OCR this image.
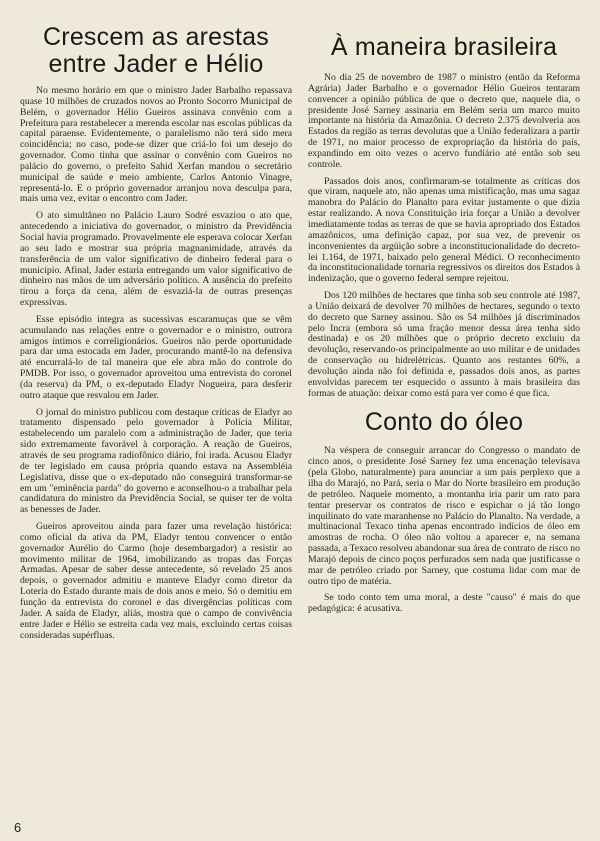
Crescem as arestas
entre Jader e Hélio

No mesmo horário em que o ministro Jader Barbalho repassava quase 10 milhões de cruzados novos ao Pronto Socorro Municipal de Belém, o governador Hélio Gueiros assinava convênio com a Prefeitura para restabelecer a merenda escolar nas escolas públicas da capital paraense. Evidentemente, o paralelismo não terá sido mera coincidência; no caso, pode-se dizer que criá-lo foi um desejo do governador. Como tinha que assinar o convênio com Gueiros no palácio do governo, o prefeito Sahid Xerfan mandou o secretário municipal de saúde e meio ambiente, Carlos Antonio Vinagre, representá-lo. E o próprio governador arranjou nova desculpa para, mais uma vez, evitar o encontro com Jader.

O ato simultâneo no Palácio Lauro Sodré esvaziou o ato que, antecedendo a iniciativa do governador, o ministro da Previdência Social havia programado. Provavelmente ele esperava colocar Xerfan ao seu lado e mostrar sua própria magnanimidade, através da transferência de um valor significativo de dinheiro federal para o município. Afinal, Jader estaria entregando um valor significativo de dinheiro nas mãos de um adversário político. A ausência do prefeito tirou a força da cena, além de esvaziá-la de outras presenças expressivas.

Esse episódio integra as sucessivas escaramuças que se vêm acumulando nas relações entre o governador e o ministro, outrora amigos íntimos e correligionários. Gueiros não perde oportunidade para dar uma estocada em Jader, procurando mantê-lo na defensiva até encurralá-lo de tal maneira que ele abra mão do controle do PMDB. Por isso, o governador aproveitou uma entrevista do coronel (da reserva) da PM, o ex-deputado Eladyr Nogueira, para desferir outro ataque que resvalou em Jader.

O jornal do ministro publicou com destaque críticas de Eladyr ao tratamento dispensado pelo governador à Polícia Militar, estabelecendo um paralelo com a administração de Jader, que teria sido extremamente favorável à corporação. A reação de Gueiros, através de seu programa radiofônico diário, foi irada. Acusou Eladyr de ter legislado em causa própria quando estava na Assembléia Legislativa, disse que o ex-deputado não conseguirá transformar-se em um "eminência parda" do governo e aconselhou-o a trabalhar pela candidatura do ministro da Previdência Social, se quiser ter de volta as benesses de Jader.

Gueiros aproveitou ainda para fazer uma revelação histórica: como oficial da ativa da PM, Eladyr tentou convencer o então governador Aurélio do Carmo (hoje desembargador) a resistir ao movimento militar de 1964, imobilizando as tropas das Forças Armadas. Apesar de saber desse antecedente, só revelado 25 anos depois, o governador admitiu e manteve Eladyr como diretor da Loteria do Estado durante mais de dois anos e meio. Só o demitiu em função da entrevista do coronel e das divergências políticas com Jader. A saída de Eladyr, aliás, mostra que o campo de convivência entre Jader e Hélio se estreita cada vez mais, excluindo certas coisas consideradas supérfluas.

À maneira brasileira

No dia 25 de novembro de 1987 o ministro (então da Reforma Agrária) Jader Barbalho e o governador Hélio Gueiros tentaram convencer a opinião pública de que o decreto que, naquele dia, o presidente José Sarney assinaria em Belém seria um marco muito importante na história da Amazônia. O decreto 2.375 devolveria aos Estados da região as terras devolutas que a União federalizara a partir de 1971, no maior processo de expropriação da história do país, expandindo em oito vezes o acervo fundiário até então sob seu controle.

Passados dois anos, confirmaram-se totalmente as críticas dos que viram, naquele ato, não apenas uma mistificação, mas uma sagaz manobra do Palácio do Planalto para evitar justamente o que dizia estar realizando. A nova Constituição iria forçar a União a devolver imediatamente todas as terras de que se havia apropriado dos Estados amazônicos, uma definição capaz, por sua vez, de prevenir os inconvenientes da argüição sobre a inconstitucionalidade do decreto-lei 1.164, de 1971, baixado pelo general Médici. O reconhecimento da inconstitucionalidade tornaria regressivos os direitos dos Estados à indenização, que o governo federal sempre rejeitou.

Dos 120 milhões de hectares que tinha sob seu controle até 1987, a União deixará de devolver 70 milhões de hectares, segundo o texto do decreto que Sarney assinou. São os 54 milhões já discriminados pelo Incra (embora só uma fração menor dessa área tenha sido destinada) e os 20 milhões que o próprio decreto excluiu da devolução, reservando-os principalmente ao uso militar e de unidades de conservação ou hidrelétricas. Quanto aos restantes 60%, a devolução ainda não foi definida e, passados dois anos, as partes envolvidas parecem ter esquecido o assunto à mais brasileira das formas de atuação: deixar como está para ver como é que fica.

Conto do óleo

Na véspera de conseguir arrancar do Congresso o mandato de cinco anos, o presidente José Sarney fez uma encenação televisava (pela Globo, naturalmente) para anunciar a um país perplexo que a ilha do Marajó, no Pará, seria o Mar do Norte brasileiro em produção de petróleo. Naquele momento, a montanha iria parir um rato para tentar preservar os contratos de risco e espichar o já tão longo inquilinato do vate maranhense no Palácio do Planalto. Na verdade, a multinacional Texaco tinha apenas encontrado indícios de óleo em amostras de rocha. O óleo não voltou a aparecer e, na semana passada, a Texaco resolveu abandonar sua área de contrato de risco no Marajó depois de cinco poços perfurados sem nada que justificasse o mar de petróleo criado por Sarney, que costuma lidar com mar de outro tipo de matéria.

Se todo conto tem uma moral, a deste "causo" é mais do que pedagógica: é acusativa.

6
